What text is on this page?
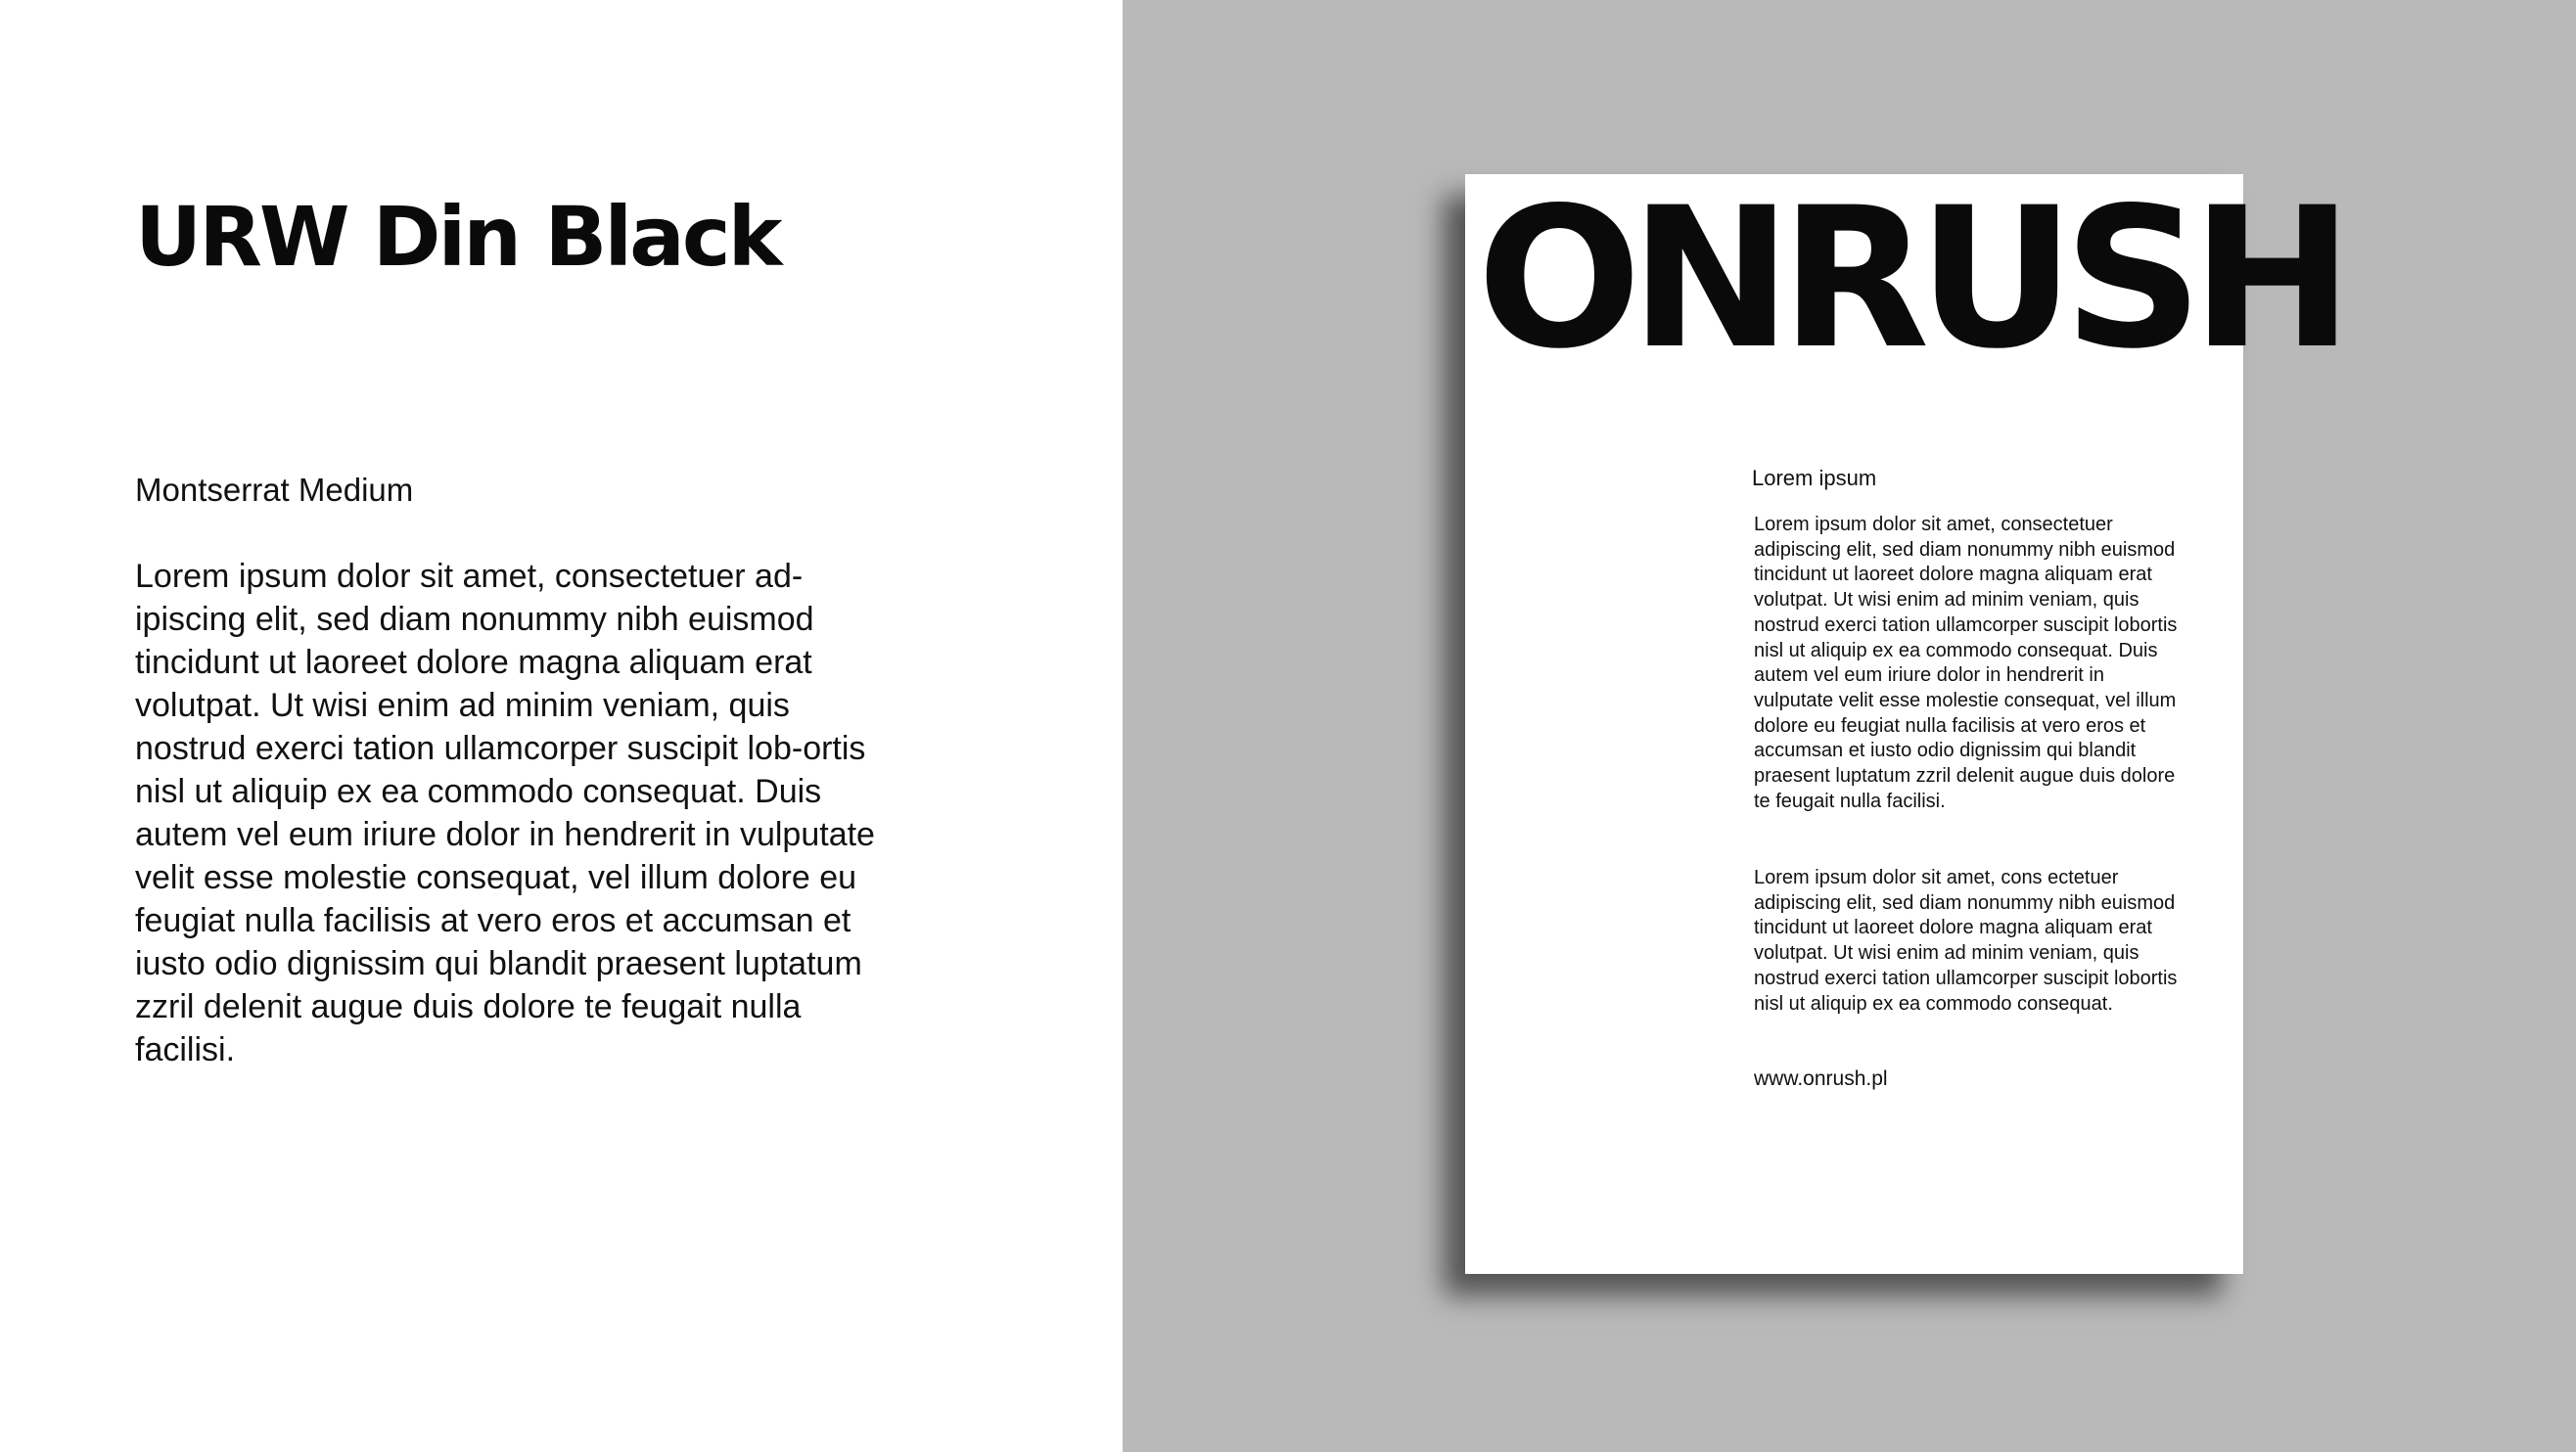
URW Din Black

Montserrat Medium

Lorem ipsum dolor sit amet, consectetuer ad-ipiscing elit, sed diam nonummy nibh euismod tincidunt ut laoreet dolore magna aliquam erat volutpat. Ut wisi enim ad minim veniam, quis nostrud exerci tation ullamcorper suscipit lob-ortis nisl ut aliquip ex ea commodo consequat. Duis autem vel eum iriure dolor in hendrerit in vulputate velit esse molestie consequat, vel illum dolore eu feugiat nulla facilisis at vero eros et accumsan et iusto odio dignissim qui blandit praesent luptatum zzril delenit augue duis dolore te feugait nulla facilisi.

ONRUSH

Lorem ipsum

Lorem ipsum dolor sit amet, consectetuer adipiscing elit, sed diam nonummy nibh euismod tincidunt ut laoreet dolore magna aliquam erat volutpat. Ut wisi enim ad minim veniam, quis nostrud exerci tation ullamcorper suscipit lobortis nisl ut aliquip ex ea commodo consequat. Duis autem vel eum iriure dolor in hendrerit in vulputate velit esse molestie consequat, vel illum dolore eu feugiat nulla facilisis at vero eros et accumsan et iusto odio dignissim qui blandit praesent luptatum zzril delenit augue duis dolore te feugait nulla facilisi.

Lorem ipsum dolor sit amet, cons ectetuer adipiscing elit, sed diam nonummy nibh euismod tincidunt ut laoreet dolore magna aliquam erat volutpat. Ut wisi enim ad minim veniam, quis nostrud exerci tation ullamcorper suscipit lobortis nisl ut aliquip ex ea commodo consequat.

www.onrush.pl
